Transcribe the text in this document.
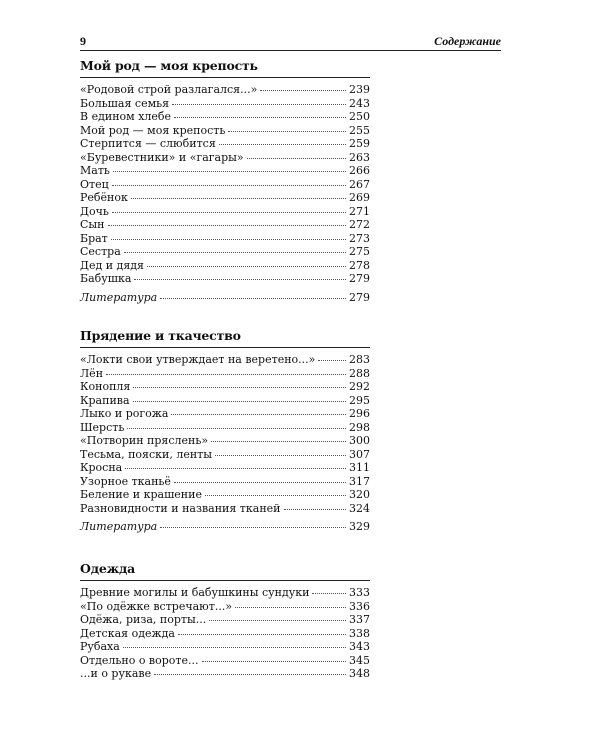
9	Содержание
Мой род — моя крепость
«Родовой строй разлагался...»	239
Большая семья	243
В едином хлебе	250
Мой род — моя крепость	255
Стерпится — слюбится	259
«Буревестники» и «гагары»	263
Мать	266
Отец	267
Ребёнок	269
Дочь	271
Сын	272
Брат	273
Сестра	275
Дед и дядя	278
Бабушка	279
Литература	279
Прядение и ткачество
«Локти свои утверждает на веретено...»	283
Лён	288
Конопля	292
Крапива	295
Лыко и рогожа	296
Шерсть	298
«Потворин пряслень»	300
Тесьма, пояски, ленты	307
Кросна	311
Узорное тканьё	317
Беление и крашение	320
Разновидности и названия тканей	324
Литература	329
Одежда
Древние могилы и бабушкины сундуки	333
«По одёжке встречают...»	336
Одёжа, риза, порты...	337
Детская одежда	338
Рубаха	343
Отдельно о вороте...	345
...и о рукаве	348
